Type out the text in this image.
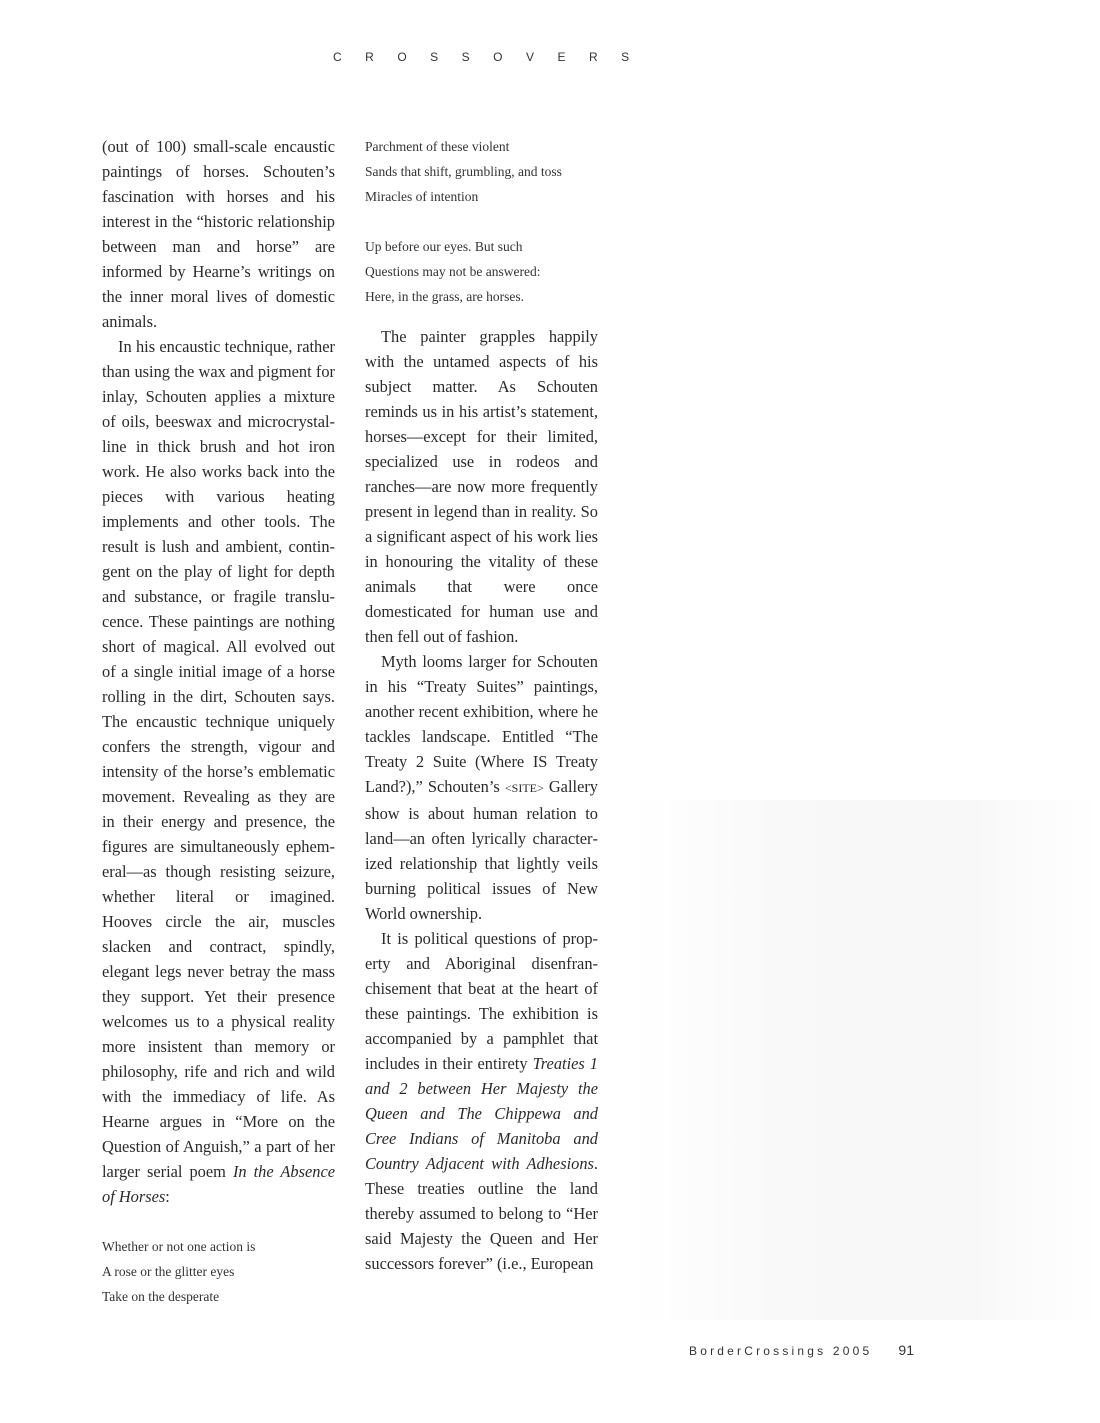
CROSSOVERS

(out of 100) small-scale encaustic paintings of horses. Schouten’s fascination with horses and his interest in the “historic relationship between man and horse” are informed by Hearne’s writings on the inner moral lives of domestic animals.

In his encaustic technique, rather than using the wax and pigment for inlay, Schouten applies a mixture of oils, beeswax and microcrystalline in thick brush and hot iron work. He also works back into the pieces with various heating implements and other tools. The result is lush and ambient, contingent on the play of light for depth and substance, or fragile translucence. These paintings are nothing short of magical. All evolved out of a single initial image of a horse rolling in the dirt, Schouten says. The encaustic technique uniquely confers the strength, vigour and intensity of the horse’s emblematic movement. Revealing as they are in their energy and presence, the figures are simultaneously ephemeral—as though resisting seizure, whether literal or imagined. Hooves circle the air, muscles slacken and contract, spindly, elegant legs never betray the mass they support. Yet their presence welcomes us to a physical reality more insistent than memory or philosophy, rife and rich and wild with the immediacy of life. As Hearne argues in “More on the Question of Anguish,” a part of her larger serial poem In the Absence of Horses:

Whether or not one action is
A rose or the glitter eyes
Take on the desperate
Parchment of these violent
Sands that shift, grumbling, and toss
Miracles of intention
Up before our eyes. But such
Questions may not be answered:
Here, in the grass, are horses.

The painter grapples happily with the untamed aspects of his subject matter. As Schouten reminds us in his artist’s statement, horses—except for their limited, specialized use in rodeos and ranches—are now more frequently present in legend than in reality. So a significant aspect of his work lies in honouring the vitality of these animals that were once domesticated for human use and then fell out of fashion.

Myth looms larger for Schouten in his “Treaty Suites” paintings, another recent exhibition, where he tackles landscape. Entitled “The Treaty 2 Suite (Where IS Treaty Land?),” Schouten’s <SITE> Gallery show is about human relation to land—an often lyrically characterized relationship that lightly veils burning political issues of New World ownership.

It is political questions of property and Aboriginal disenfranchisement that beat at the heart of these paintings. The exhibition is accompanied by a pamphlet that includes in their entirety Treaties 1 and 2 between Her Majesty the Queen and The Chippewa and Cree Indians of Manitoba and Country Adjacent with Adhesions. These treaties outline the land thereby assumed to belong to “Her said Majesty the Queen and Her successors forever” (i.e., European

BorderCrossings 2005 91
